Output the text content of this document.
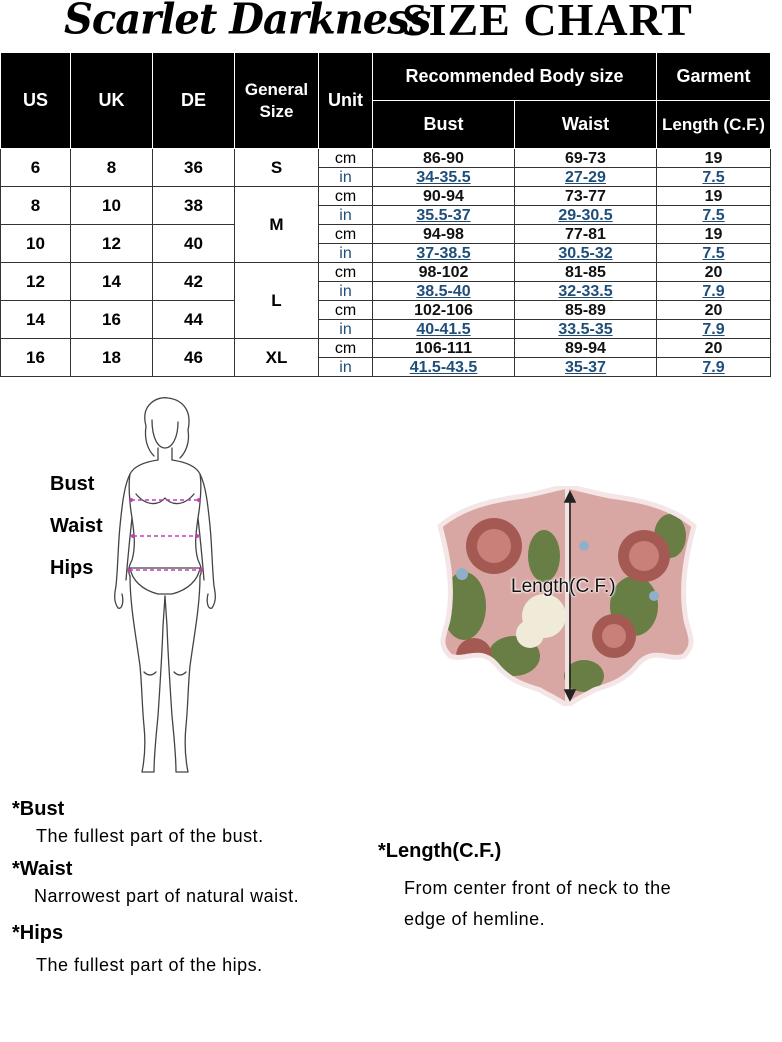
Scarlet Darkness
SIZE CHART
US	UK	DE	General Size	Unit	Recommended Body size		Garment
					Bust	Waist	Length (C.F.)
6	8	36	S	cm	86-90	69-73	19
				in	34-35.5	27-29	7.5
8	10	38	M	cm	90-94	73-77	19
				in	35.5-37	29-30.5	7.5
10	12	40		cm	94-98	77-81	19
				in	37-38.5	30.5-32	7.5
12	14	42	L	cm	98-102	81-85	20
				in	38.5-40	32-33.5	7.9
14	16	44		cm	102-106	85-89	20
				in	40-41.5	33.5-35	7.9
16	18	46	XL	cm	106-111	89-94	20
				in	41.5-43.5	35-37	7.9
Bust
Waist
Hips
Length(C.F.)
*Bust
The fullest part of the bust.
*Waist
Narrowest part of natural waist.
*Hips
The fullest part of the hips.
*Length(C.F.)
From center front of neck to the
edge of hemline.
